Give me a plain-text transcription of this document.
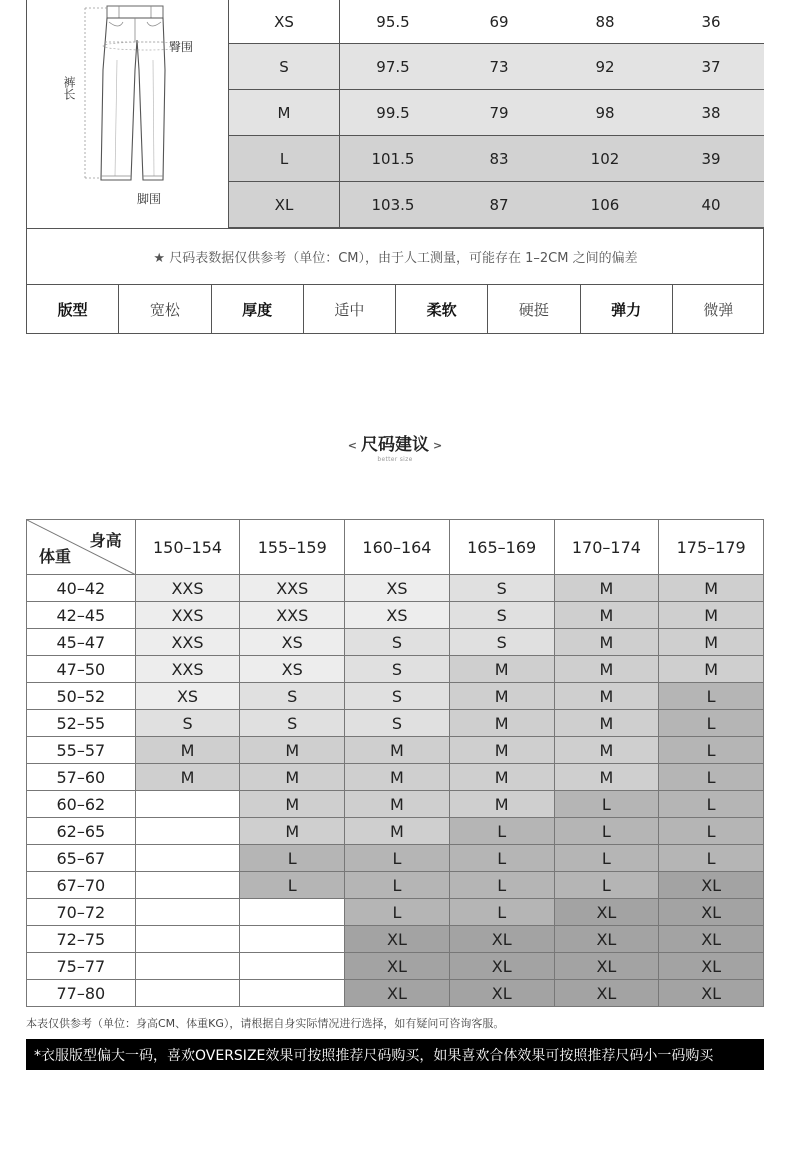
臀围
裤长
脚围
XS	95.5	69	88	36
S	97.5	73	92	37
M	99.5	79	98	38
L	101.5	83	102	39
XL	103.5	87	106	40
★ 尺码表数据仅供参考（单位：CM），由于人工测量，可能存在 1–2CM 之间的偏差
版型	宽松	厚度	适中	柔软	硬挺	弹力	微弹
< 尺码建议 >
better size
身高
体重	150–154	155–159	160–164	165–169	170–174	175–179
40–42	XXS	XXS	XS	S	M	M
42–45	XXS	XXS	XS	S	M	M
45–47	XXS	XS	S	S	M	M
47–50	XXS	XS	S	M	M	M
50–52	XS	S	S	M	M	L
52–55	S	S	S	M	M	L
55–57	M	M	M	M	M	L
57–60	M	M	M	M	M	L
60–62		M	M	M	L	L
62–65		M	M	L	L	L
65–67		L	L	L	L	L
67–70		L	L	L	L	XL
70–72			L	L	XL	XL
72–75			XL	XL	XL	XL
75–77			XL	XL	XL	XL
77–80			XL	XL	XL	XL
本表仅供参考（单位：身高CM、体重KG），请根据自身实际情况进行选择，如有疑问可咨询客服。
*衣服版型偏大一码，喜欢OVERSIZE效果可按照推荐尺码购买，如果喜欢合体效果可按照推荐尺码小一码购买
